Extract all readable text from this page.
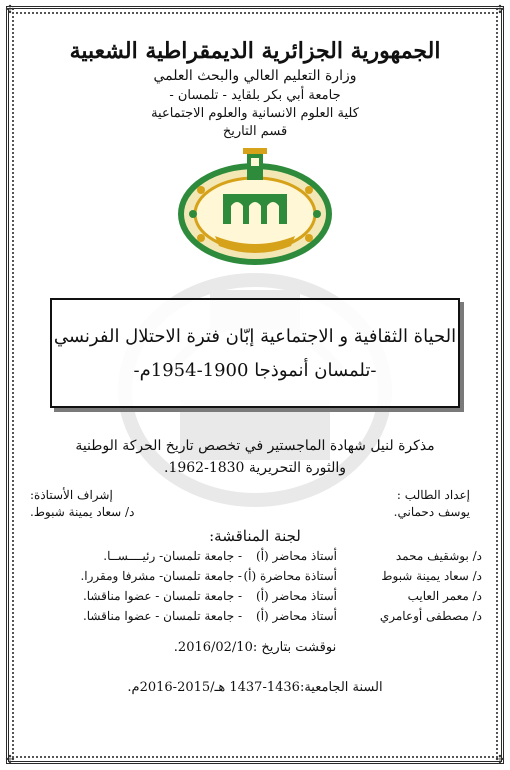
✣	✣
✣	✣
الجمهورية الجزائرية الديمقراطية الشعبية
وزارة التعليم العالي والبحث العلمي
جامعة أبي بكر بلقايد - تلمسان -
كلية العلوم الانسانية والعلوم الاجتماعية
قسم التاريخ
الحياة الثقافية و الاجتماعية إبّان فترة الاحتلال الفرنسي
-تلمسان أنموذجا 1900-1954م-
مذكرة لنيل شهادة الماجستير في تخصص تاريخ الحركة الوطنية
والثورة التحريرية 1830-1962.
إعداد الطالب :
إشراف الأستاذة:
يوسف دحماني.
د/ سعاد يمينة شبوط.
لجنة المناقشة:
د/ بوشقيف محمد
أستاذ محاضر (أ)
- جامعة تلمسان- رئيــــســا.
د/ سعاد يمينة شبوط
أستاذة محاضرة (أ)
- جامعة تلمسان- مشرفا ومقررا.
د/ معمر العايب
أستاذ محاضر (أ)
- جامعة تلمسان - عضوا مناقشا.
د/ مصطفى أوعامري
أستاذ محاضر (أ)
- جامعة تلمسان - عضوا مناقشا.
نوقشت بتاريخ :2016/02/10.
السنة الجامعية:1436-1437 هـ/2015-2016م.
